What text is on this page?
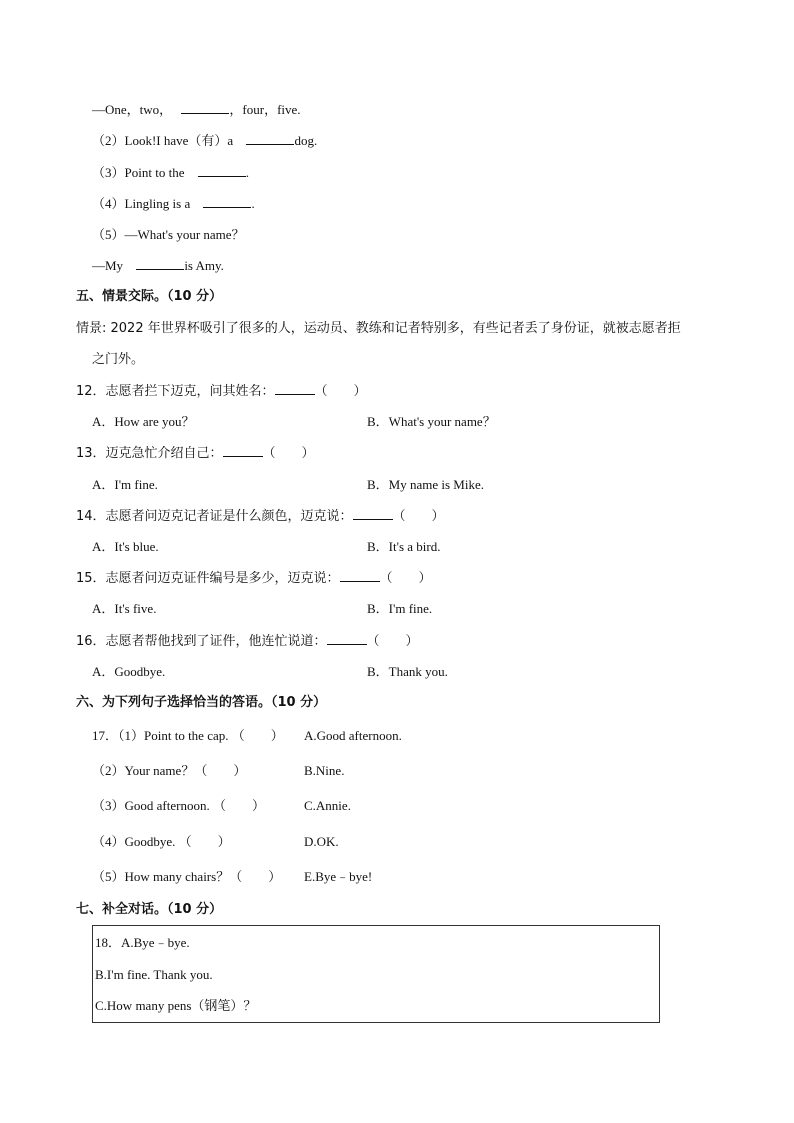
—One，two，	，four，five.
（2）Look!I have（有）a	dog.
（3）Point to the	.
（4）Lingling is a	.
（5）—What's your name？
—My	is Amy.
五、情景交际。（10 分）
情景: 2022 年世界杯吸引了很多的人，运动员、教练和记者特别多，有些记者丢了身份证，就被志愿者拒
之门外。
12．志愿者拦下迈克，问其姓名：	（　　）
A．How are you？	B．What's your name？
13．迈克急忙介绍自己：	（　　）
A．I'm fine.	B．My name is Mike.
14．志愿者问迈克记者证是什么颜色，迈克说：	（　　）
A．It's blue.	B．It's a bird.
15．志愿者问迈克证件编号是多少，迈克说：	（　　）
A．It's five.	B．I'm fine.
16．志愿者帮他找到了证件，他连忙说道：	（　　）
A．Goodbye.	B．Thank you.
六、为下列句子选择恰当的答语。（10 分）
17．（1）Point to the cap. （　　） A.Good afternoon.
（2）Your name？（　　）	B.Nine.
（3）Good afternoon. （　　）	C.Annie.
（4）Goodbye. （　　）	D.OK.
（5）How many chairs？（　　） E.Bye﹣bye!
七、补全对话。（10 分）
18．A.Bye﹣bye.
B.I'm fine. Thank you.
C.How many pens（钢笔）？
